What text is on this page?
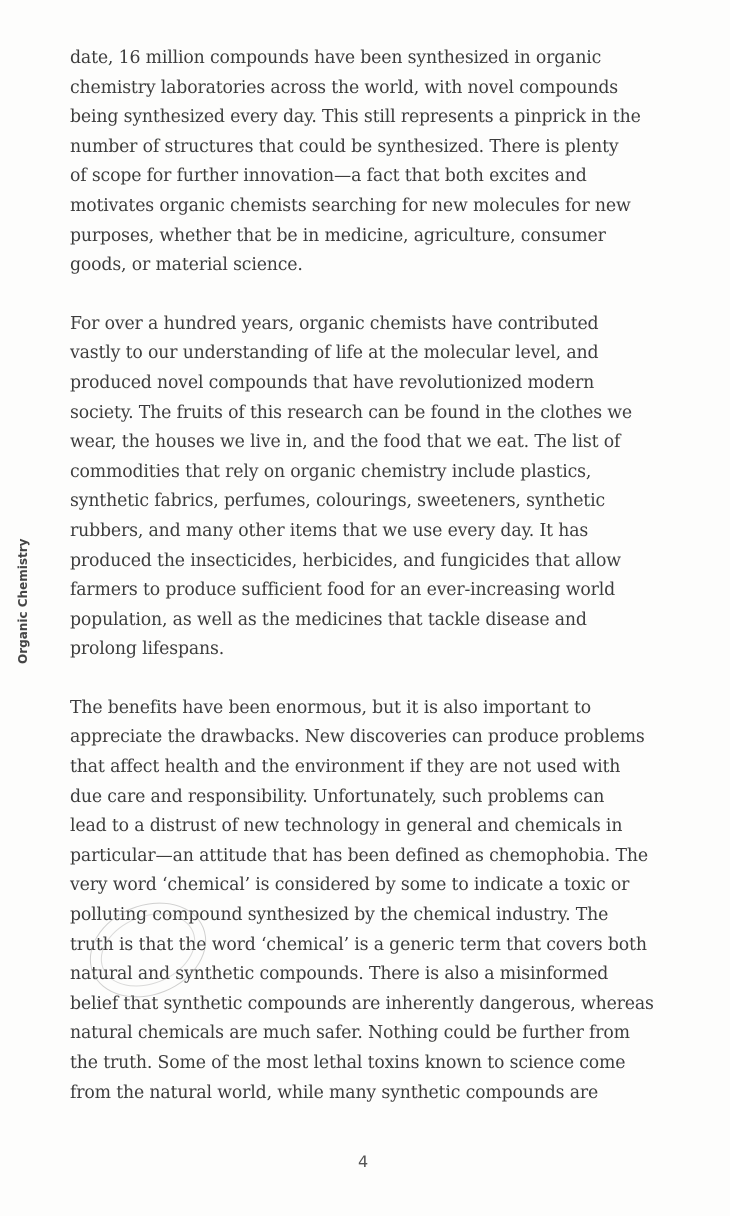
Organic Chemistry

date, 16 million compounds have been synthesized in organic
chemistry laboratories across the world, with novel compounds
being synthesized every day. This still represents a pinprick in the
number of structures that could be synthesized. There is plenty
of scope for further innovation—a fact that both excites and
motivates organic chemists searching for new molecules for new
purposes, whether that be in medicine, agriculture, consumer
goods, or material science.

For over a hundred years, organic chemists have contributed
vastly to our understanding of life at the molecular level, and
produced novel compounds that have revolutionized modern
society. The fruits of this research can be found in the clothes we
wear, the houses we live in, and the food that we eat. The list of
commodities that rely on organic chemistry include plastics,
synthetic fabrics, perfumes, colourings, sweeteners, synthetic
rubbers, and many other items that we use every day. It has
produced the insecticides, herbicides, and fungicides that allow
farmers to produce sufficient food for an ever-increasing world
population, as well as the medicines that tackle disease and
prolong lifespans.

The benefits have been enormous, but it is also important to
appreciate the drawbacks. New discoveries can produce problems
that affect health and the environment if they are not used with
due care and responsibility. Unfortunately, such problems can
lead to a distrust of new technology in general and chemicals in
particular—an attitude that has been defined as chemophobia. The
very word ‘chemical’ is considered by some to indicate a toxic or
polluting compound synthesized by the chemical industry. The
truth is that the word ‘chemical’ is a generic term that covers both
natural and synthetic compounds. There is also a misinformed
belief that synthetic compounds are inherently dangerous, whereas
natural chemicals are much safer. Nothing could be further from
the truth. Some of the most lethal toxins known to science come
from the natural world, while many synthetic compounds are

4
